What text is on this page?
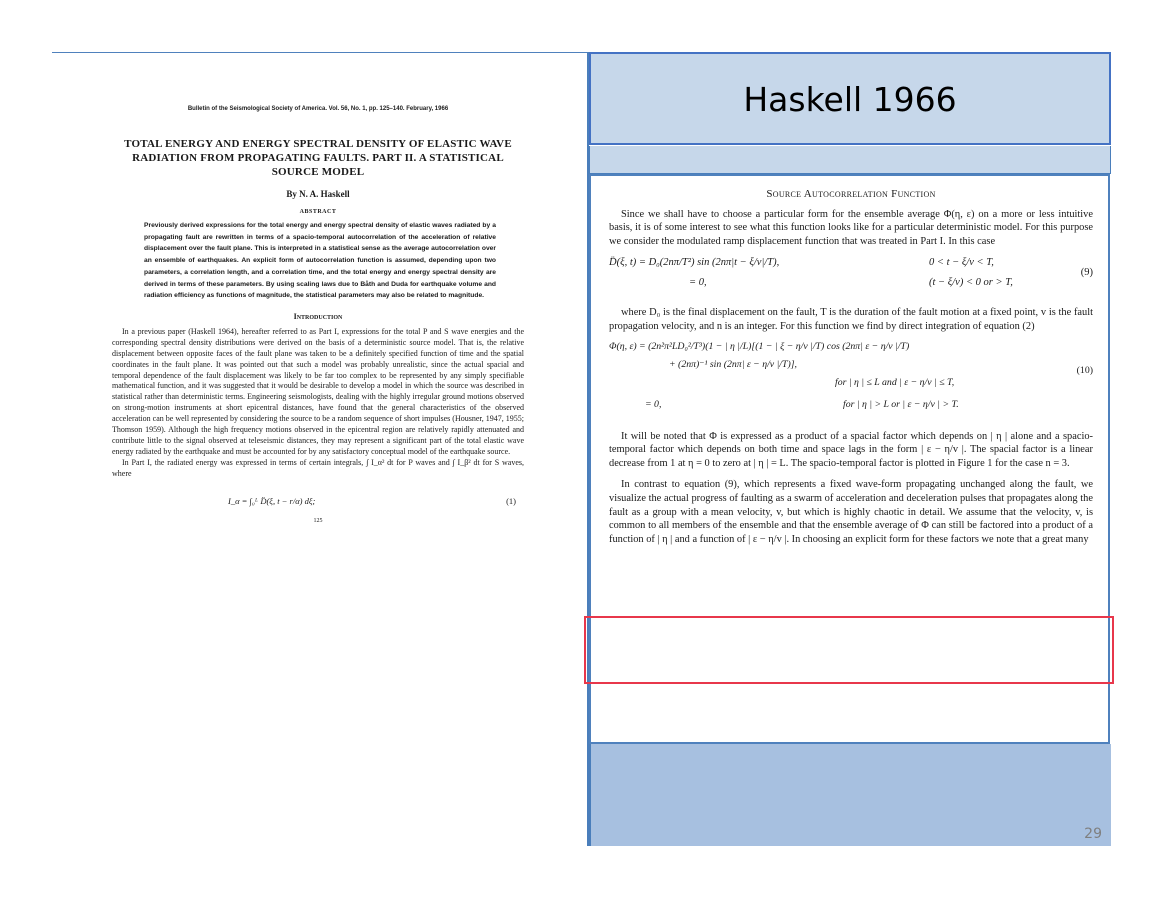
Bulletin of the Seismological Society of America. Vol. 56, No. 1, pp. 125–140. February, 1966
TOTAL ENERGY AND ENERGY SPECTRAL DENSITY OF ELASTIC WAVE RADIATION FROM PROPAGATING FAULTS. PART II. A STATISTICAL SOURCE MODEL
By N. A. Haskell
ABSTRACT
Previously derived expressions for the total energy and energy spectral density of elastic waves radiated by a propagating fault are rewritten in terms of a spacio-temporal autocorrelation of the acceleration of relative displacement over the fault plane. This is interpreted in a statistical sense as the average autocorrelation over an ensemble of earthquakes. An explicit form of autocorrelation function is assumed, depending upon two parameters, a correlation length, and a correlation time, and the total energy and energy spectral density are derived in terms of these parameters. By using scaling laws due to Båth and Duda for earthquake volume and radiation efficiency as functions of magnitude, the statistical parameters may also be related to magnitude.
Introduction

In a previous paper (Haskell 1964), hereafter referred to as Part I, expressions for the total P and S wave energies and the corresponding spectral density distributions were derived on the basis of a deterministic source model. That is, the relative displacement between opposite faces of the fault plane was taken to be a definitely specified function of time and the spatial coordinates in the fault plane. It was pointed out that such a model was probably unrealistic, since the actual spacial and temporal dependence of the fault displacement was likely to be far too complex to be represented by any simply specifiable mathematical function, and it was suggested that it would be desirable to develop a model in which the source was described in statistical rather than deterministic terms. Engineering seismologists, dealing with the highly irregular ground motions observed on strong-motion instruments at short epicentral distances, have found that the general characteristics of the observed acceleration can be well represented by considering the source to be a random sequence of short impulses (Housner, 1947, 1955; Thomson 1959). Although the high frequency motions observed in the epicentral region are relatively rapidly attenuated and contribute little to the signal observed at teleseismic distances, they may represent a significant part of the total elastic wave energy radiated by the earthquake and must be accounted for by any satisfactory conceptual model of the earthquake source.

In Part I, the radiated energy was expressed in terms of certain integrals, ∫ I_α² dt for P waves and ∫ I_β² dt for S waves, where

I_α = ∫₀ᴸ D̈(ξ, t − r/α) dξ;	(1)
125
Haskell 1966
Source Autocorrelation Function

Since we shall have to choose a particular form for the ensemble average Φ(η, ε) on a more or less intuitive basis, it is of some interest to see what this function looks like for a particular deterministic model. For this purpose we consider the modulated ramp displacement function that was treated in Part I. In this case

D̈(ξ, t) = D₀(2nπ/T²) sin (2nπ|t − ξ/v|/T),	0 < t − ξ/v < T,
= 0,	(t − ξ/v) < 0 or > T,
(9)

where D₀ is the final displacement on the fault, T is the duration of the fault motion at a fixed point, v is the fault propagation velocity, and n is an integer. For this function we find by direct integration of equation (2)

Φ(η, ε) = (2n²π²LD₀²/T³)(1 − | η |/L)[(1 − | ξ − η/v |/T) cos (2nπ| ε − η/v |/T)
+ (2nπ)⁻¹ sin (2nπ| ε − η/v |/T)],
(10)
for | η | ≤ L and | ε − η/v | ≤ T,
= 0,	for | η | > L or | ε − η/v | > T.

It will be noted that Φ is expressed as a product of a spacial factor which depends on | η | alone and a spacio-temporal factor which depends on both time and space lags in the form | ε − η/v |. The spacial factor is a linear decrease from 1 at η = 0 to zero at | η | = L. The spacio-temporal factor is plotted in Figure 1 for the case n = 3.

In contrast to equation (9), which represents a fixed wave-form propagating unchanged along the fault, we visualize the actual progress of faulting as a swarm of acceleration and deceleration pulses that propagates along the fault as a group with a mean velocity, v, but which is highly chaotic in detail. We assume that the velocity, v, is common to all members of the ensemble and that the ensemble average of Φ can still be factored into a product of a function of | η | and a function of | ε − η/v |. In choosing an explicit form for these factors we note that a great many

29
